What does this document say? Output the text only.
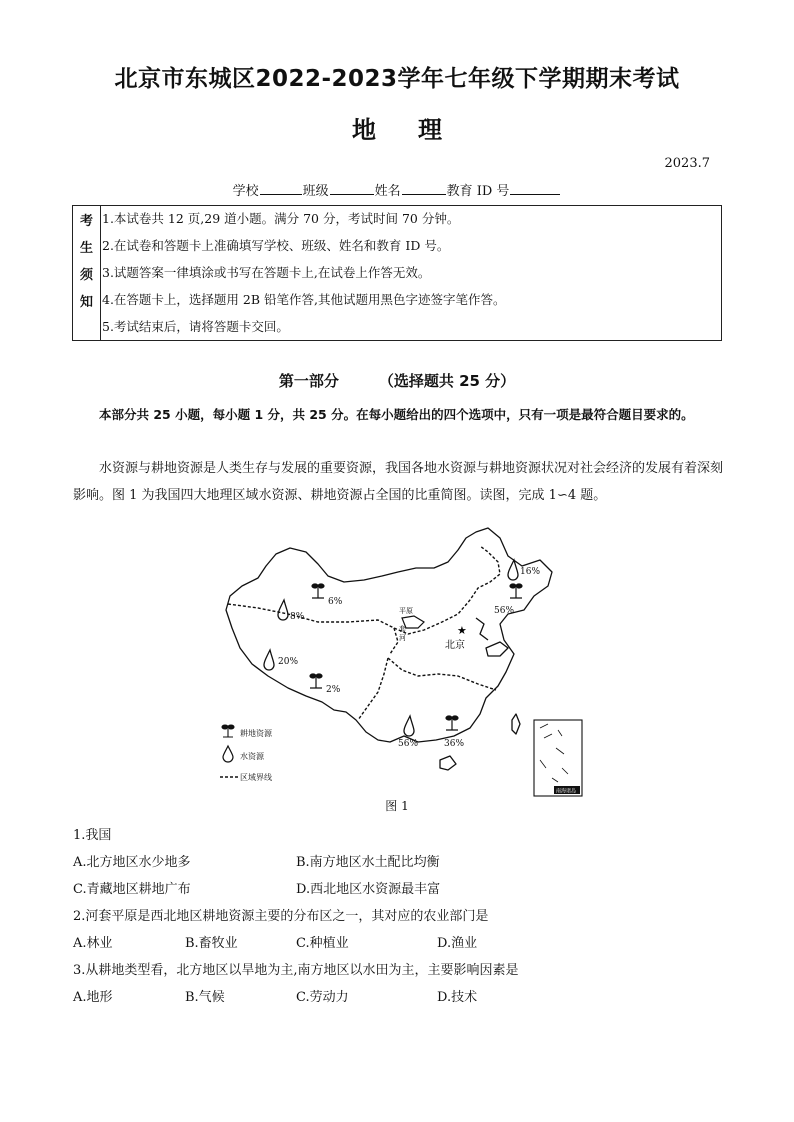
北京市东城区2022-2023学年七年级下学期期末考试
地理
2023.7
学校	班级	姓名	教育 ID 号
考
生
须
知
1.本试卷共 12 页,29 道小题。满分 70 分，考试时间 70 分钟。
2.在试卷和答题卡上准确填写学校、班级、姓名和教育 ID 号。
3.试题答案一律填涂或书写在答题卡上,在试卷上作答无效。
4.在答题卡上，选择题用 2B 铅笔作答,其他试题用黑色字迹签字笔作答。
5.考试结束后，请将答题卡交回。
第一部分	（选择题共 25 分）
本部分共 25 小题，每小题 1 分，共 25 分。在每小题给出的四个选项中，只有一项是最符合题目要求的。
水资源与耕地资源是人类生存与发展的重要资源，我国各地水资源与耕地资源状况对社会经济的发展有着深刻影响。图 1 为我国四大地理区域水资源、耕地资源占全国的比重简图。读图，完成 1∽4 题。
平原
套
河
★
北京
16%
56%
6%
8%
20%
2%
56%	36%
耕地资源
水资源
区域界线
南海诸岛
图 1
1.我国
A.北方地区水少地多	B.南方地区水土配比均衡
C.青藏地区耕地广布	D.西北地区水资源最丰富
2.河套平原是西北地区耕地资源主要的分布区之一，其对应的农业部门是
A.林业	B.畜牧业	C.种植业	D.渔业
3.从耕地类型看，北方地区以旱地为主,南方地区以水田为主，主要影响因素是
A.地形	B.气候	C.劳动力	D.技术
